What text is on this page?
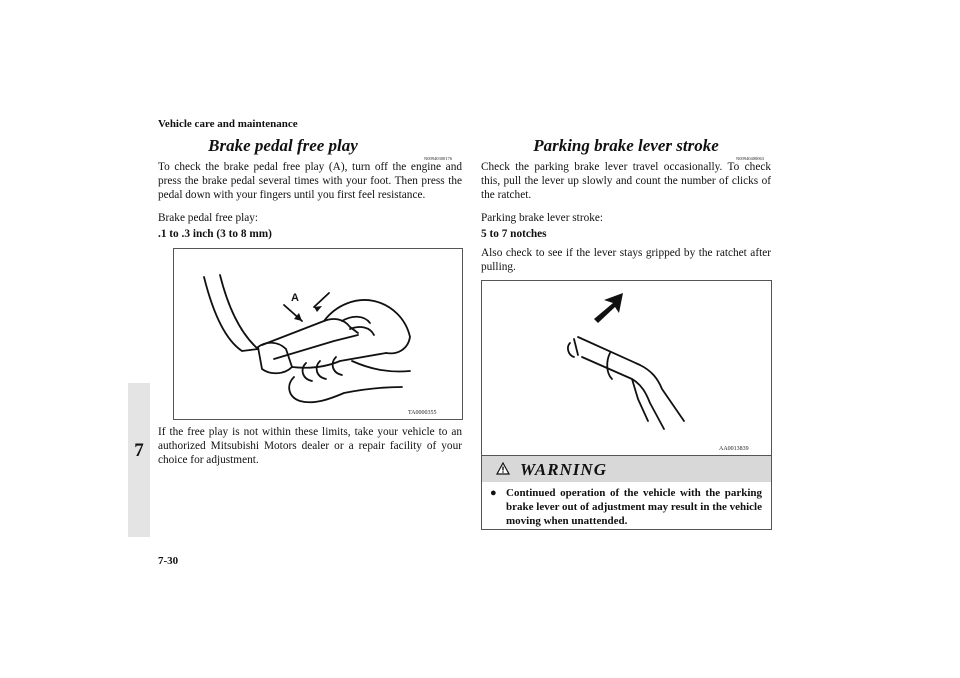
Vehicle care and maintenance
7
Brake pedal free play
N00940300176
To check the brake pedal free play (A), turn off the engine and press the brake pedal several times with your foot. Then press the pedal down with your fingers until you first feel resistance.
Brake pedal free play:
.1 to .3 inch (3 to 8 mm)
A
TA0000355
If the free play is not within these limits, take your vehicle to an authorized Mitsubishi Motors dealer or a repair facility of your choice for adjustment.
7-30
Parking brake lever stroke
N00940400063
Check the parking brake lever travel occasionally. To check this, pull the lever up slowly and count the number of clicks of the ratchet.
Parking brake lever stroke:
5 to 7 notches
Also check to see if the lever stays gripped by the ratchet after pulling.
AA0013839
WARNING
● Continued operation of the vehicle with the parking brake lever out of adjustment may result in the vehicle moving when unattended.
